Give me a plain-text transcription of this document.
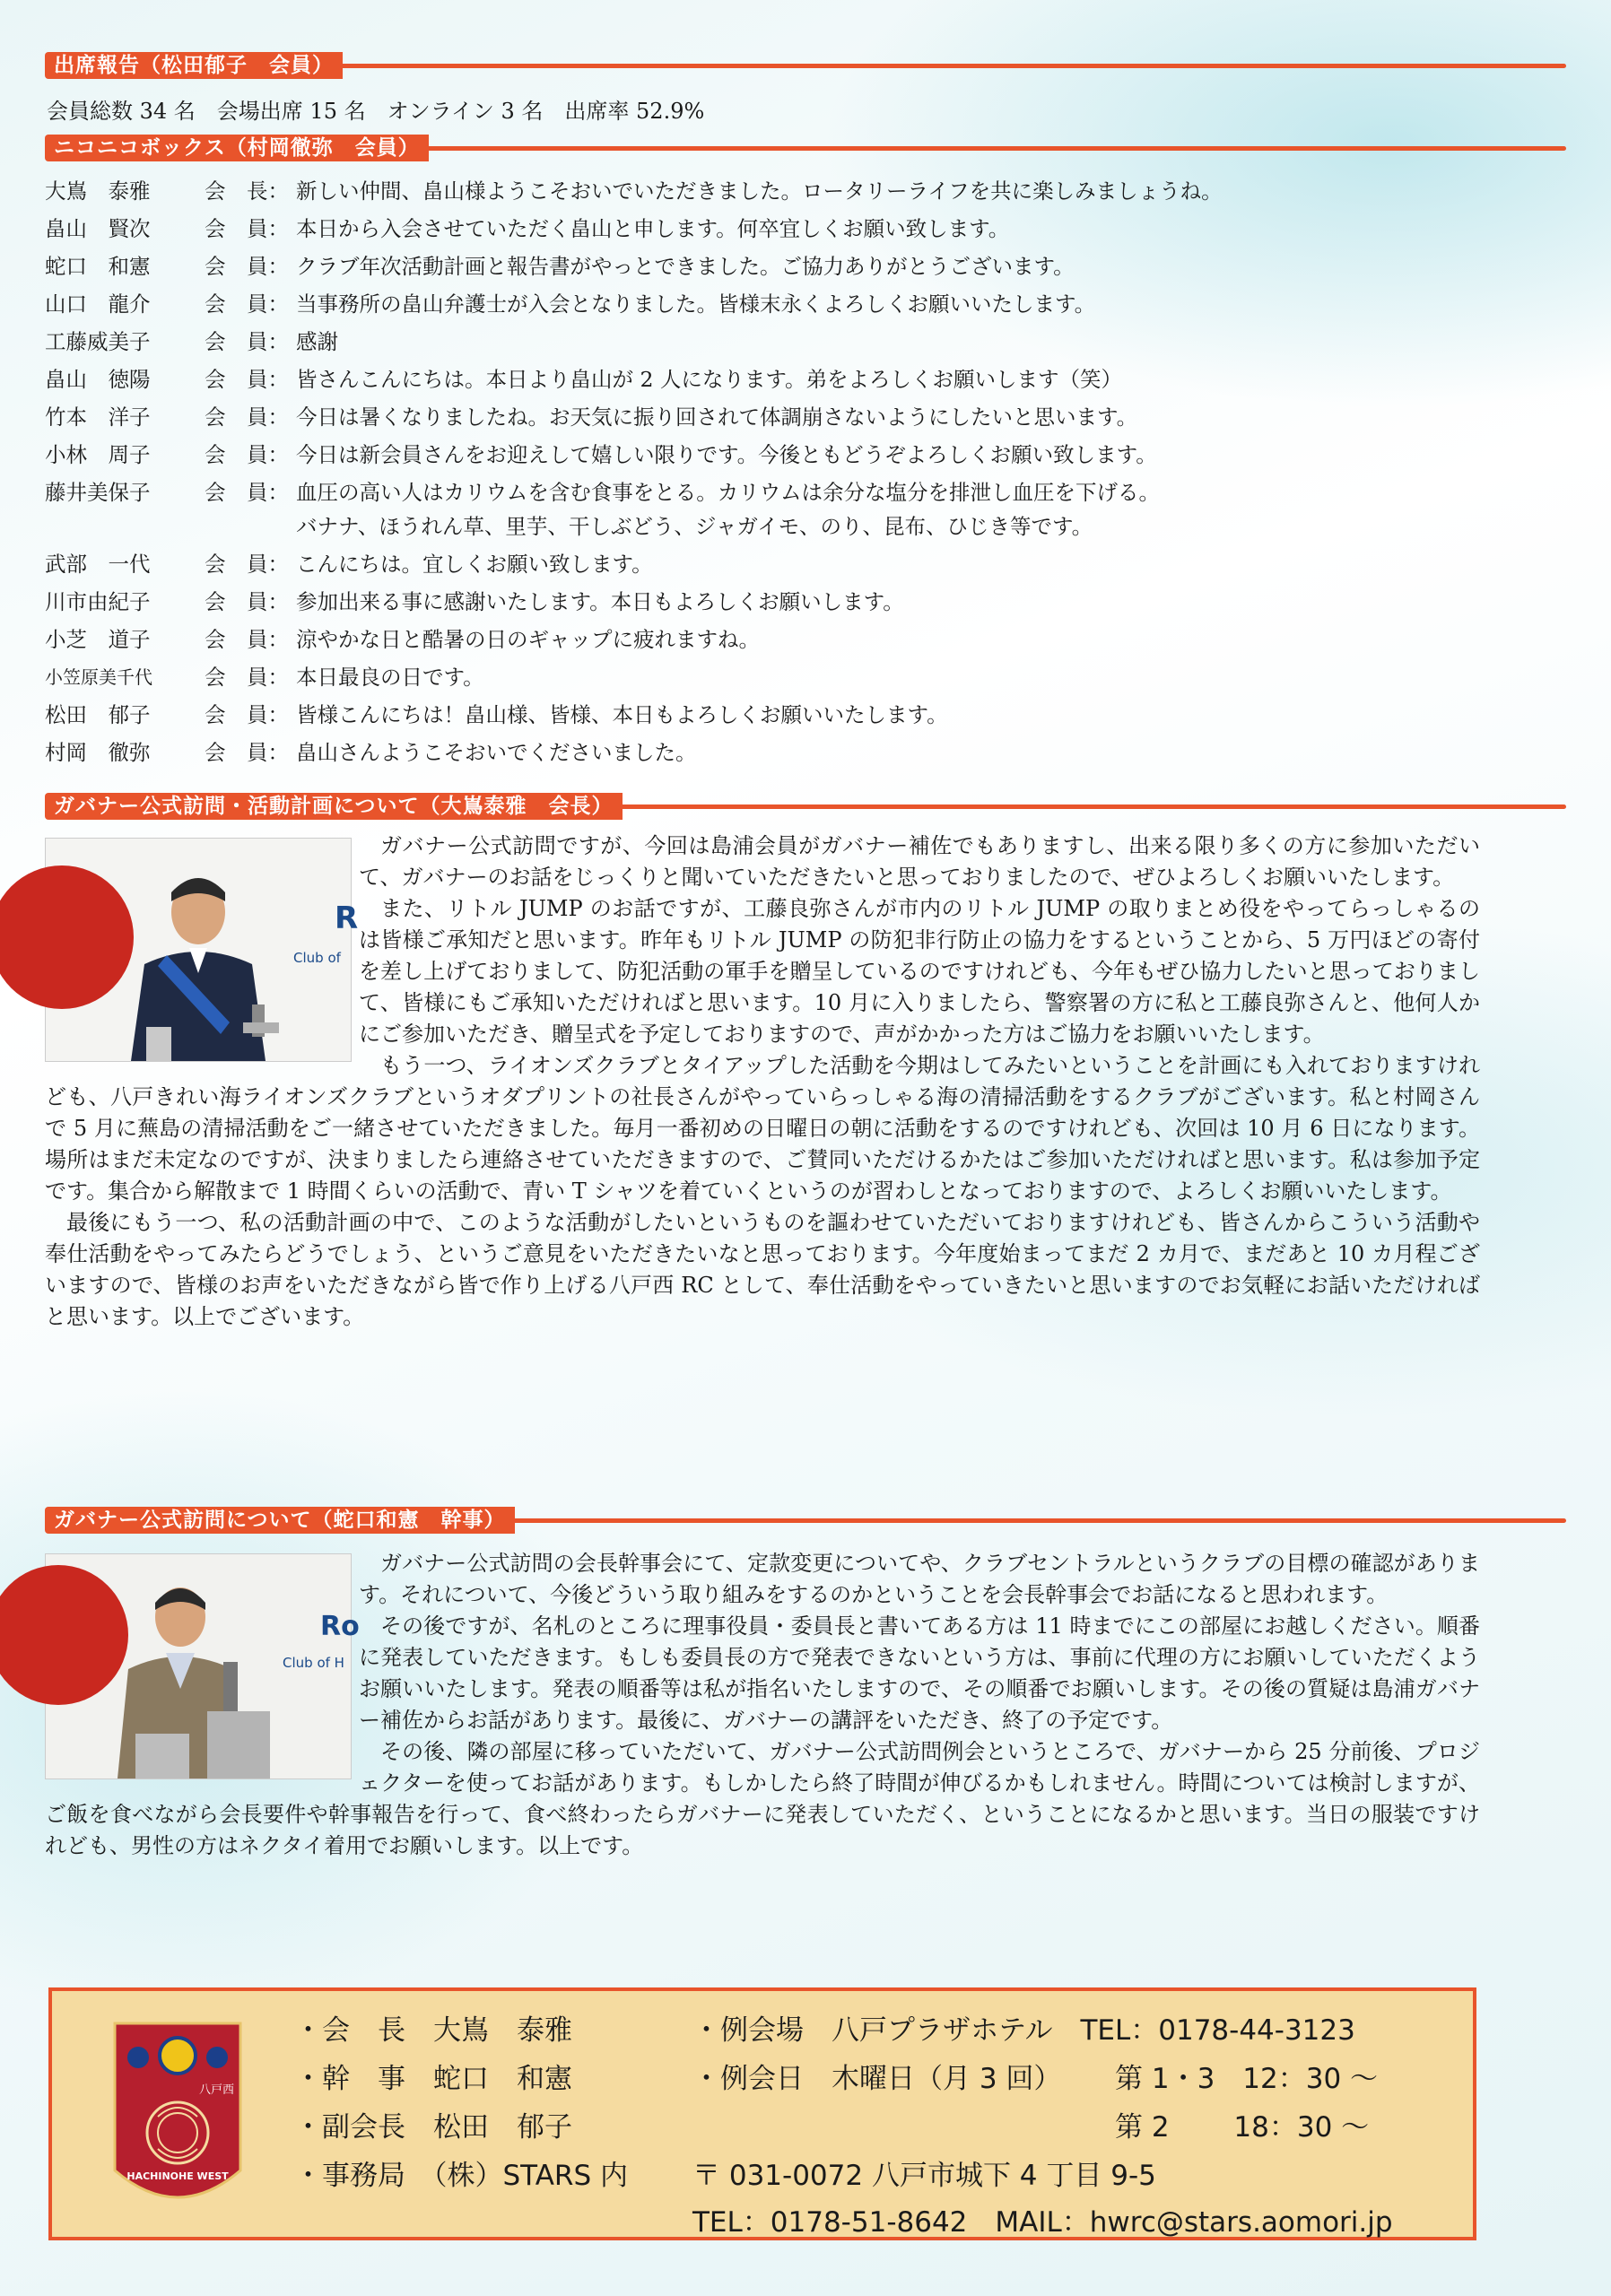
出席報告（松田郁子　会員）
会員総数 34 名　会場出席 15 名　オンライン 3 名　出席率 52.9%
ニコニコボックス（村岡徹弥　会員）
大嶌　泰雅	会　長： 新しい仲間、畠山様ようこそおいでいただきました。ロータリーライフを共に楽しみましょうね。
畠山　賢次	会　員： 本日から入会させていただく畠山と申します。何卒宜しくお願い致します。
蛇口　和憲	会　員： クラブ年次活動計画と報告書がやっとできました。ご協力ありがとうございます。
山口　龍介	会　員： 当事務所の畠山弁護士が入会となりました。皆様末永くよろしくお願いいたします。
工藤威美子	会　員： 感謝
畠山　徳陽	会　員： 皆さんこんにちは。本日より畠山が 2 人になります。弟をよろしくお願いします（笑）
竹本　洋子	会　員： 今日は暑くなりましたね。お天気に振り回されて体調崩さないようにしたいと思います。
小林　周子	会　員： 今日は新会員さんをお迎えして嬉しい限りです。今後ともどうぞよろしくお願い致します。
藤井美保子	会　員： 血圧の高い人はカリウムを含む食事をとる。カリウムは余分な塩分を排泄し血圧を下げる。
バナナ、ほうれん草、里芋、干しぶどう、ジャガイモ、のり、昆布、ひじき等です。
武部　一代	会　員： こんにちは。宜しくお願い致します。
川市由紀子	会　員： 参加出来る事に感謝いたします。本日もよろしくお願いします。
小芝　道子	会　員： 涼やかな日と酷暑の日のギャップに疲れますね。
小笠原美千代	会　員： 本日最良の日です。
松田　郁子	会　員： 皆様こんにちは！畠山様、皆様、本日もよろしくお願いいたします。
村岡　徹弥	会　員： 畠山さんようこそおいでくださいました。
ガバナー公式訪問・活動計画について（大嶌泰雅　会長）

ガバナー公式訪問ですが、今回は島浦会員がガバナー補佐でもありますし、出来る限り多くの方に参加いただいて、ガバナーのお話をじっくりと聞いていただきたいと思っておりましたので、ぜひよろしくお願いいたします。

また、リトル JUMP のお話ですが、工藤良弥さんが市内のリトル JUMP の取りまとめ役をやってらっしゃるのは皆様ご承知だと思います。昨年もリトル JUMP の防犯非行防止の協力をするということから、5 万円ほどの寄付を差し上げておりまして、防犯活動の軍手を贈呈しているのですけれども、今年もぜひ協力したいと思っておりまして、皆様にもご承知いただければと思います。10 月に入りましたら、警察署の方に私と工藤良弥さんと、他何人かにご参加いただき、贈呈式を予定しておりますので、声がかかった方はご協力をお願いいたします。

もう一つ、ライオンズクラブとタイアップした活動を今期はしてみたいということを計画にも入れておりますけれども、八戸きれい海ライオンズクラブというオダプリントの社長さんがやっていらっしゃる海の清掃活動をするクラブがございます。私と村岡さんで 5 月に蕪島の清掃活動をご一緒させていただきました。毎月一番初めの日曜日の朝に活動をするのですけれども、次回は 10 月 6 日になります。場所はまだ未定なのですが、決まりましたら連絡させていただきますので、ご賛同いただけるかたはご参加いただければと思います。私は参加予定です。集合から解散まで 1 時間くらいの活動で、青い T シャツを着ていくというのが習わしとなっておりますので、よろしくお願いいたします。

最後にもう一つ、私の活動計画の中で、このような活動がしたいというものを謳わせていただいておりますけれども、皆さんからこういう活動や奉仕活動をやってみたらどうでしょう、というご意見をいただきたいなと思っております。今年度始まってまだ 2 カ月で、まだあと 10 カ月程ございますので、皆様のお声をいただきながら皆で作り上げる八戸西 RC として、奉仕活動をやっていきたいと思いますのでお気軽にお話いただければと思います。以上でございます。

R
Club of
ガバナー公式訪問について（蛇口和憲　幹事）

ガバナー公式訪問の会長幹事会にて、定款変更についてや、クラブセントラルというクラブの目標の確認があります。それについて、今後どういう取り組みをするのかということを会長幹事会でお話になると思われます。

その後ですが、名札のところに理事役員・委員長と書いてある方は 11 時までにこの部屋にお越しください。順番に発表していただきます。もしも委員長の方で発表できないという方は、事前に代理の方にお願いしていただくようお願いいたします。発表の順番等は私が指名いたしますので、その順番でお願いします。その後の質疑は島浦ガバナー補佐からお話があります。最後に、ガバナーの講評をいただき、終了の予定です。

その後、隣の部屋に移っていただいて、ガバナー公式訪問例会というところで、ガバナーから 25 分前後、プロジェクターを使ってお話があります。もしかしたら終了時間が伸びるかもしれません。時間については検討しますが、ご飯を食べながら会長要件や幹事報告を行って、食べ終わったらガバナーに発表していただく、ということになるかと思います。当日の服装ですけれども、男性の方はネクタイ着用でお願いします。以上です。

Ro
Club of H
八戸西
HACHINOHE WEST
・会　長　大嶌　泰雅
・幹　事　蛇口　和憲
・副会長　松田　郁子
・事務局　（株）STARS 内
・例会場　八戸プラザホテル　TEL：0178-44-3123
・例会日　木曜日（月 3 回） 第 1・3　12：30 〜
第 2　　 18：30 〜
〒 031-0072 八戸市城下 4 丁目 9-5
TEL：0178-51-8642　MAIL：hwrc@stars.aomori.jp
